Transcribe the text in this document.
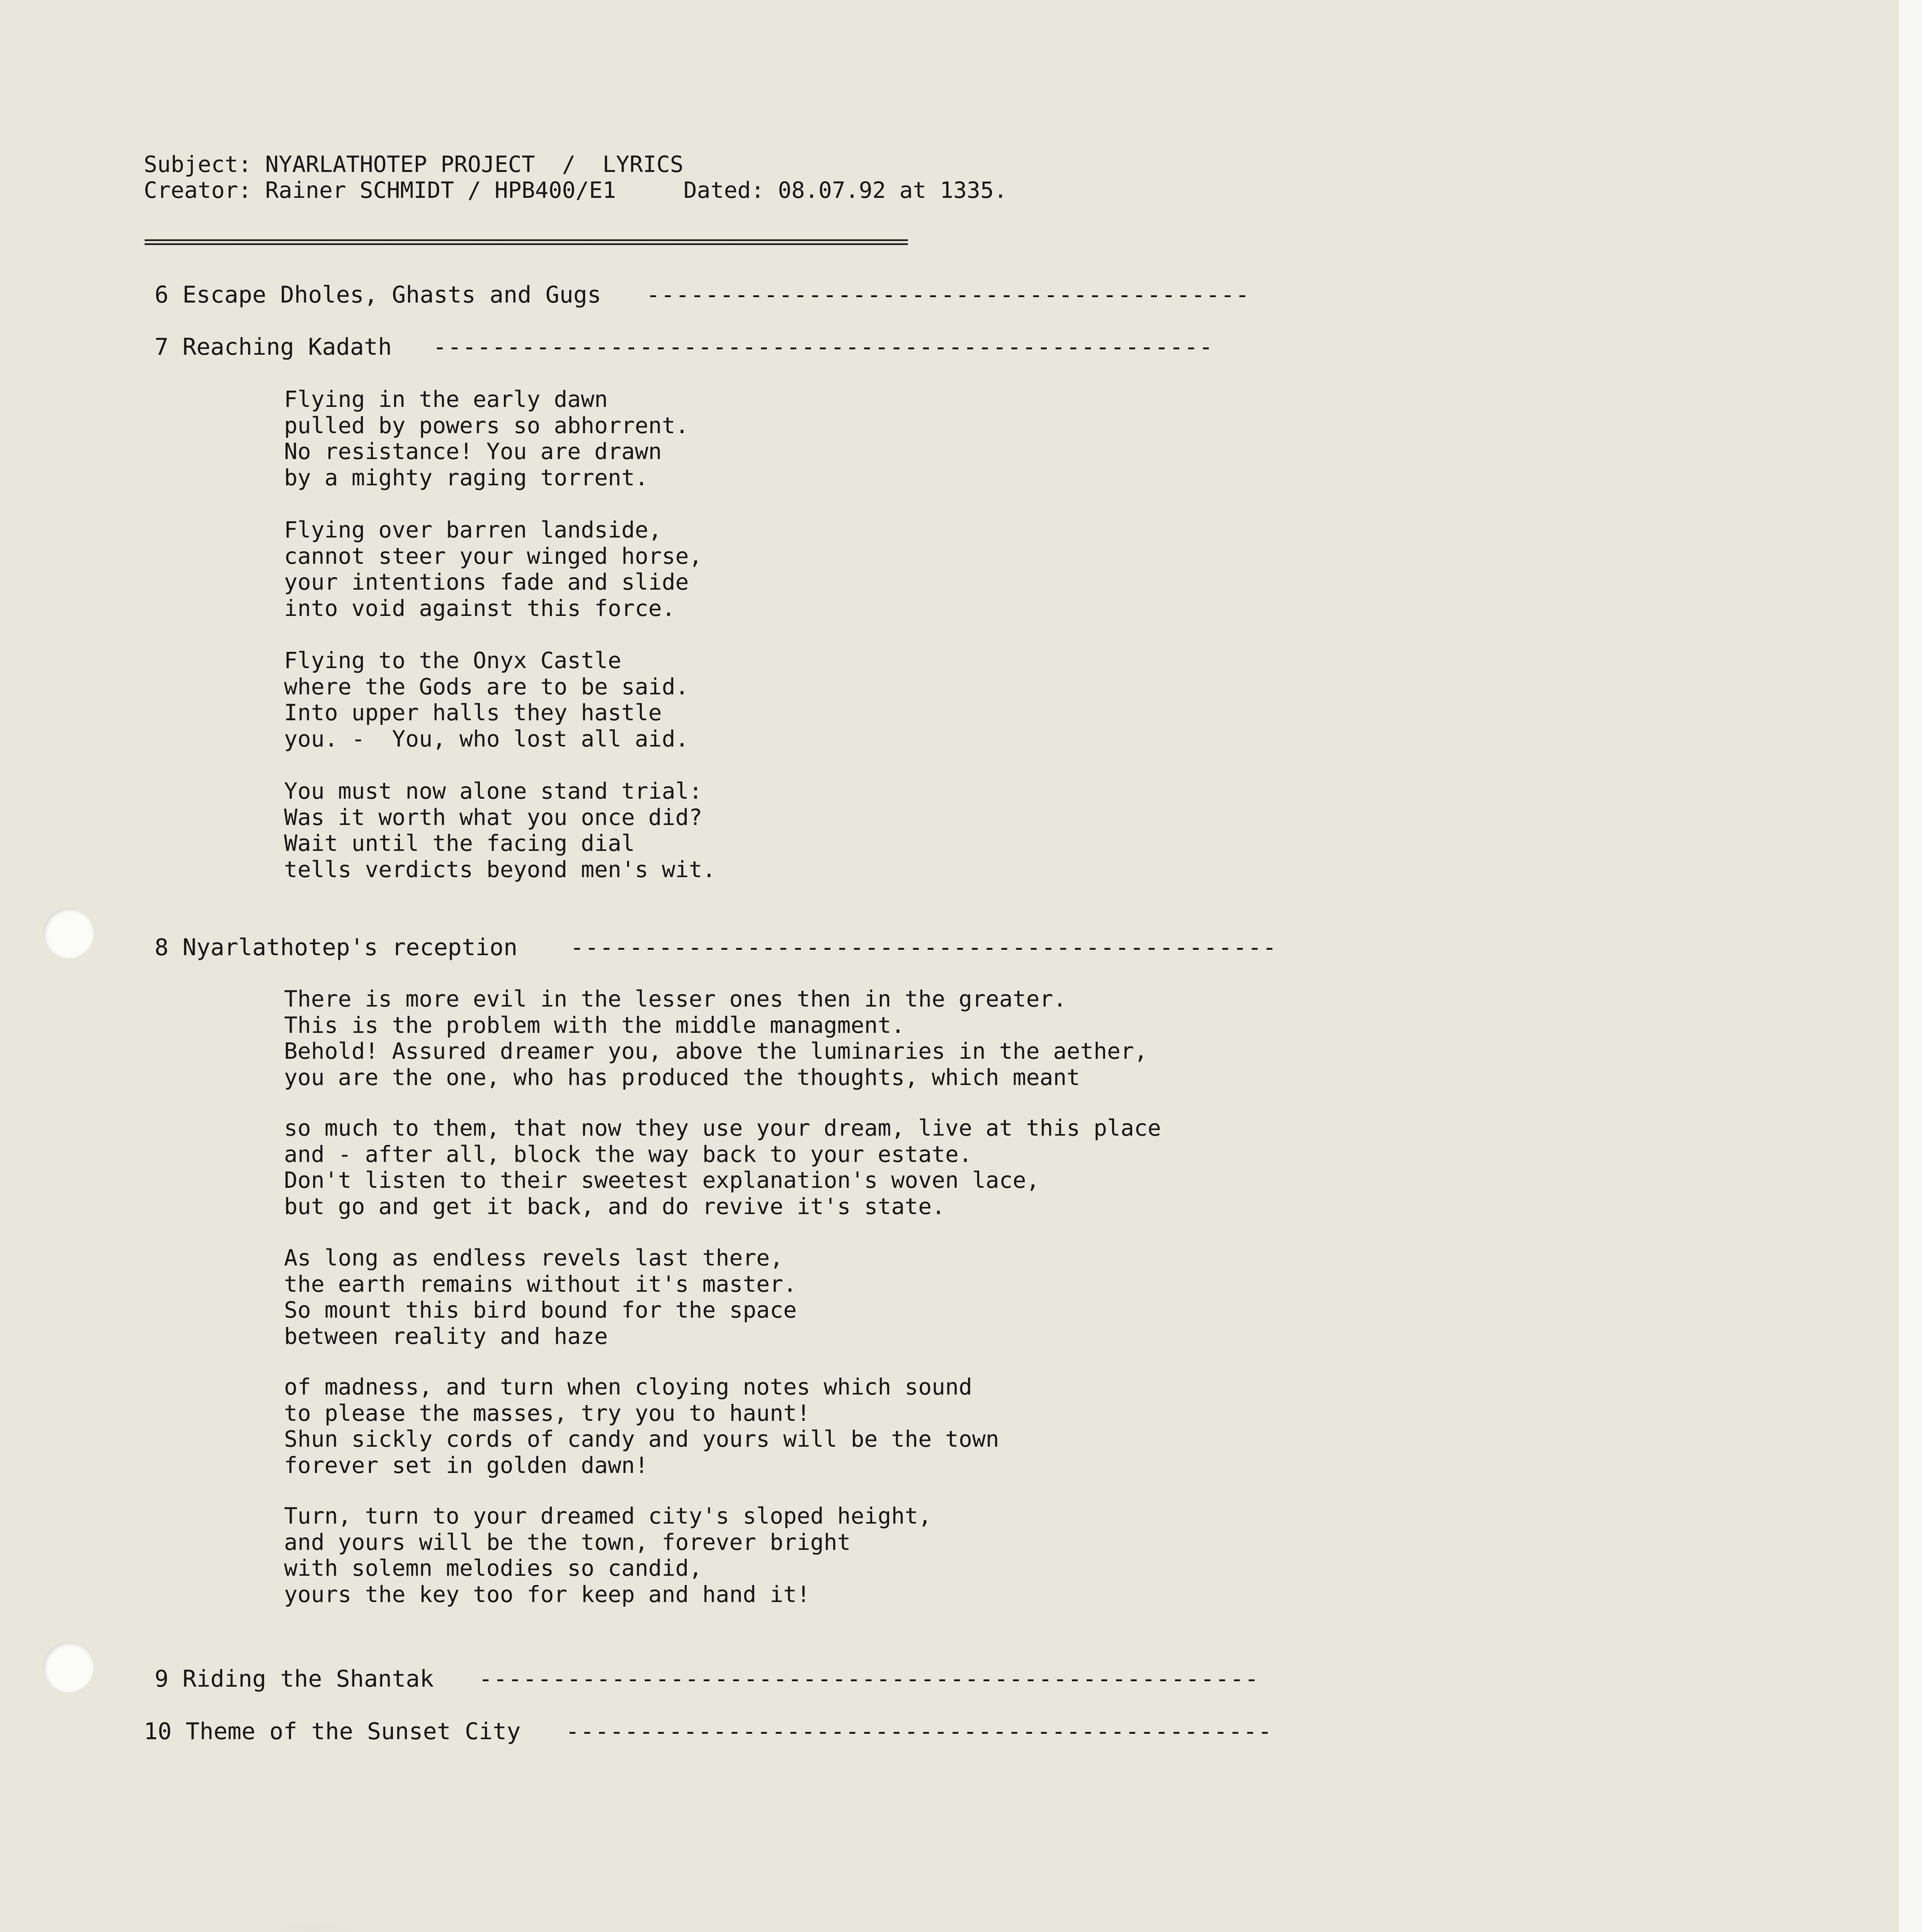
Subject: NYARLATHOTEP PROJECT  /  LYRICS
Creator: Rainer SCHMIDT / HPB400/E1     Dated: 08.07.92 at 1335.
==============================================================================
6 Escape Dholes, Ghasts and Gugs -----------------------------------------
7 Reaching Kadath -----------------------------------------------------
Flying in the early dawn
pulled by powers so abhorrent.
No resistance! You are drawn
by a mighty raging torrent.
Flying over barren landside,
cannot steer your winged horse,
your intentions fade and slide
into void against this force.
Flying to the Onyx Castle
where the Gods are to be said.
Into upper halls they hastle
you. -  You, who lost all aid.
You must now alone stand trial:
Was it worth what you once did?
Wait until the facing dial
tells verdicts beyond men's wit.
8 Nyarlathotep's reception ------------------------------------------------
There is more evil in the lesser ones then in the greater.
This is the problem with the middle managment.
Behold! Assured dreamer you, above the luminaries in the aether,
you are the one, who has produced the thoughts, which meant
so much to them, that now they use your dream, live at this place
and - after all, block the way back to your estate.
Don't listen to their sweetest explanation's woven lace,
but go and get it back, and do revive it's state.
As long as endless revels last there,
the earth remains without it's master.
So mount this bird bound for the space
between reality and haze
of madness, and turn when cloying notes which sound
to please the masses, try you to haunt!
Shun sickly cords of candy and yours will be the town
forever set in golden dawn!
Turn, turn to your dreamed city's sloped height,
and yours will be the town, forever bright
with solemn melodies so candid,
yours the key too for keep and hand it!
9 Riding the Shantak -----------------------------------------------------
10 Theme of the Sunset City ------------------------------------------------
